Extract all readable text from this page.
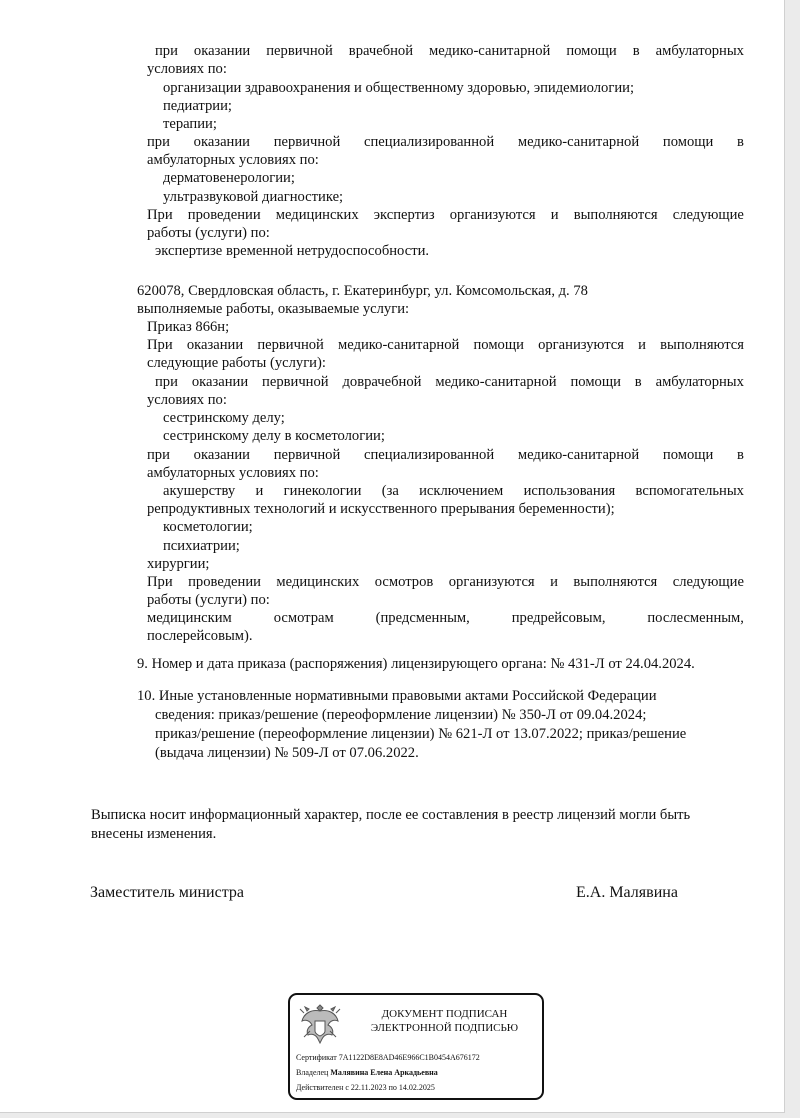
при оказании первичной врачебной медико-санитарной помощи в амбулаторных
условиях по:
организации здравоохранения и общественному здоровью, эпидемиологии;
педиатрии;
терапии;
при оказании первичной специализированной медико-санитарной помощи в
амбулаторных условиях по:
дерматовенерологии;
ультразвуковой диагностике;
При проведении медицинских экспертиз организуются и выполняются следующие
работы (услуги) по:
экспертизе временной нетрудоспособности.
620078, Свердловская область, г. Екатеринбург, ул. Комсомольская, д. 78
выполняемые работы, оказываемые услуги:
Приказ 866н;
При оказании первичной медико-санитарной помощи организуются и выполняются
следующие работы (услуги):
при оказании первичной доврачебной медико-санитарной помощи в амбулаторных
условиях по:
сестринскому делу;
сестринскому делу в косметологии;
при оказании первичной специализированной медико-санитарной помощи в
амбулаторных условиях по:
акушерству и гинекологии (за исключением использования вспомогательных
репродуктивных технологий и искусственного прерывания беременности);
косметологии;
психиатрии;
хирургии;
При проведении медицинских осмотров организуются и выполняются следующие
работы (услуги) по:
медицинским	осмотрам	(предсменным,	предрейсовым,	послесменным,
послерейсовым).
9. Номер и дата приказа (распоряжения) лицензирующего органа: № 431-Л от 24.04.2024.
10. Иные установленные нормативными правовыми актами Российской Федерации
сведения: приказ/решение (переоформление лицензии) № 350-Л от 09.04.2024;
приказ/решение (переоформление лицензии) № 621-Л от 13.07.2022; приказ/решение
(выдача лицензии) № 509-Л от 07.06.2022.
Выписка носит информационный характер, после ее составления в реестр лицензий могли быть
внесены изменения.
Заместитель министра	Е.А. Малявина
ДОКУМЕНТ ПОДПИСАН
ЭЛЕКТРОННОЙ ПОДПИСЬЮ
Сертификат 7A1122D8E8AD46E966C1B0454A676172
Владелец Малявина Елена Аркадьевна
Действителен с 22.11.2023 по 14.02.2025
